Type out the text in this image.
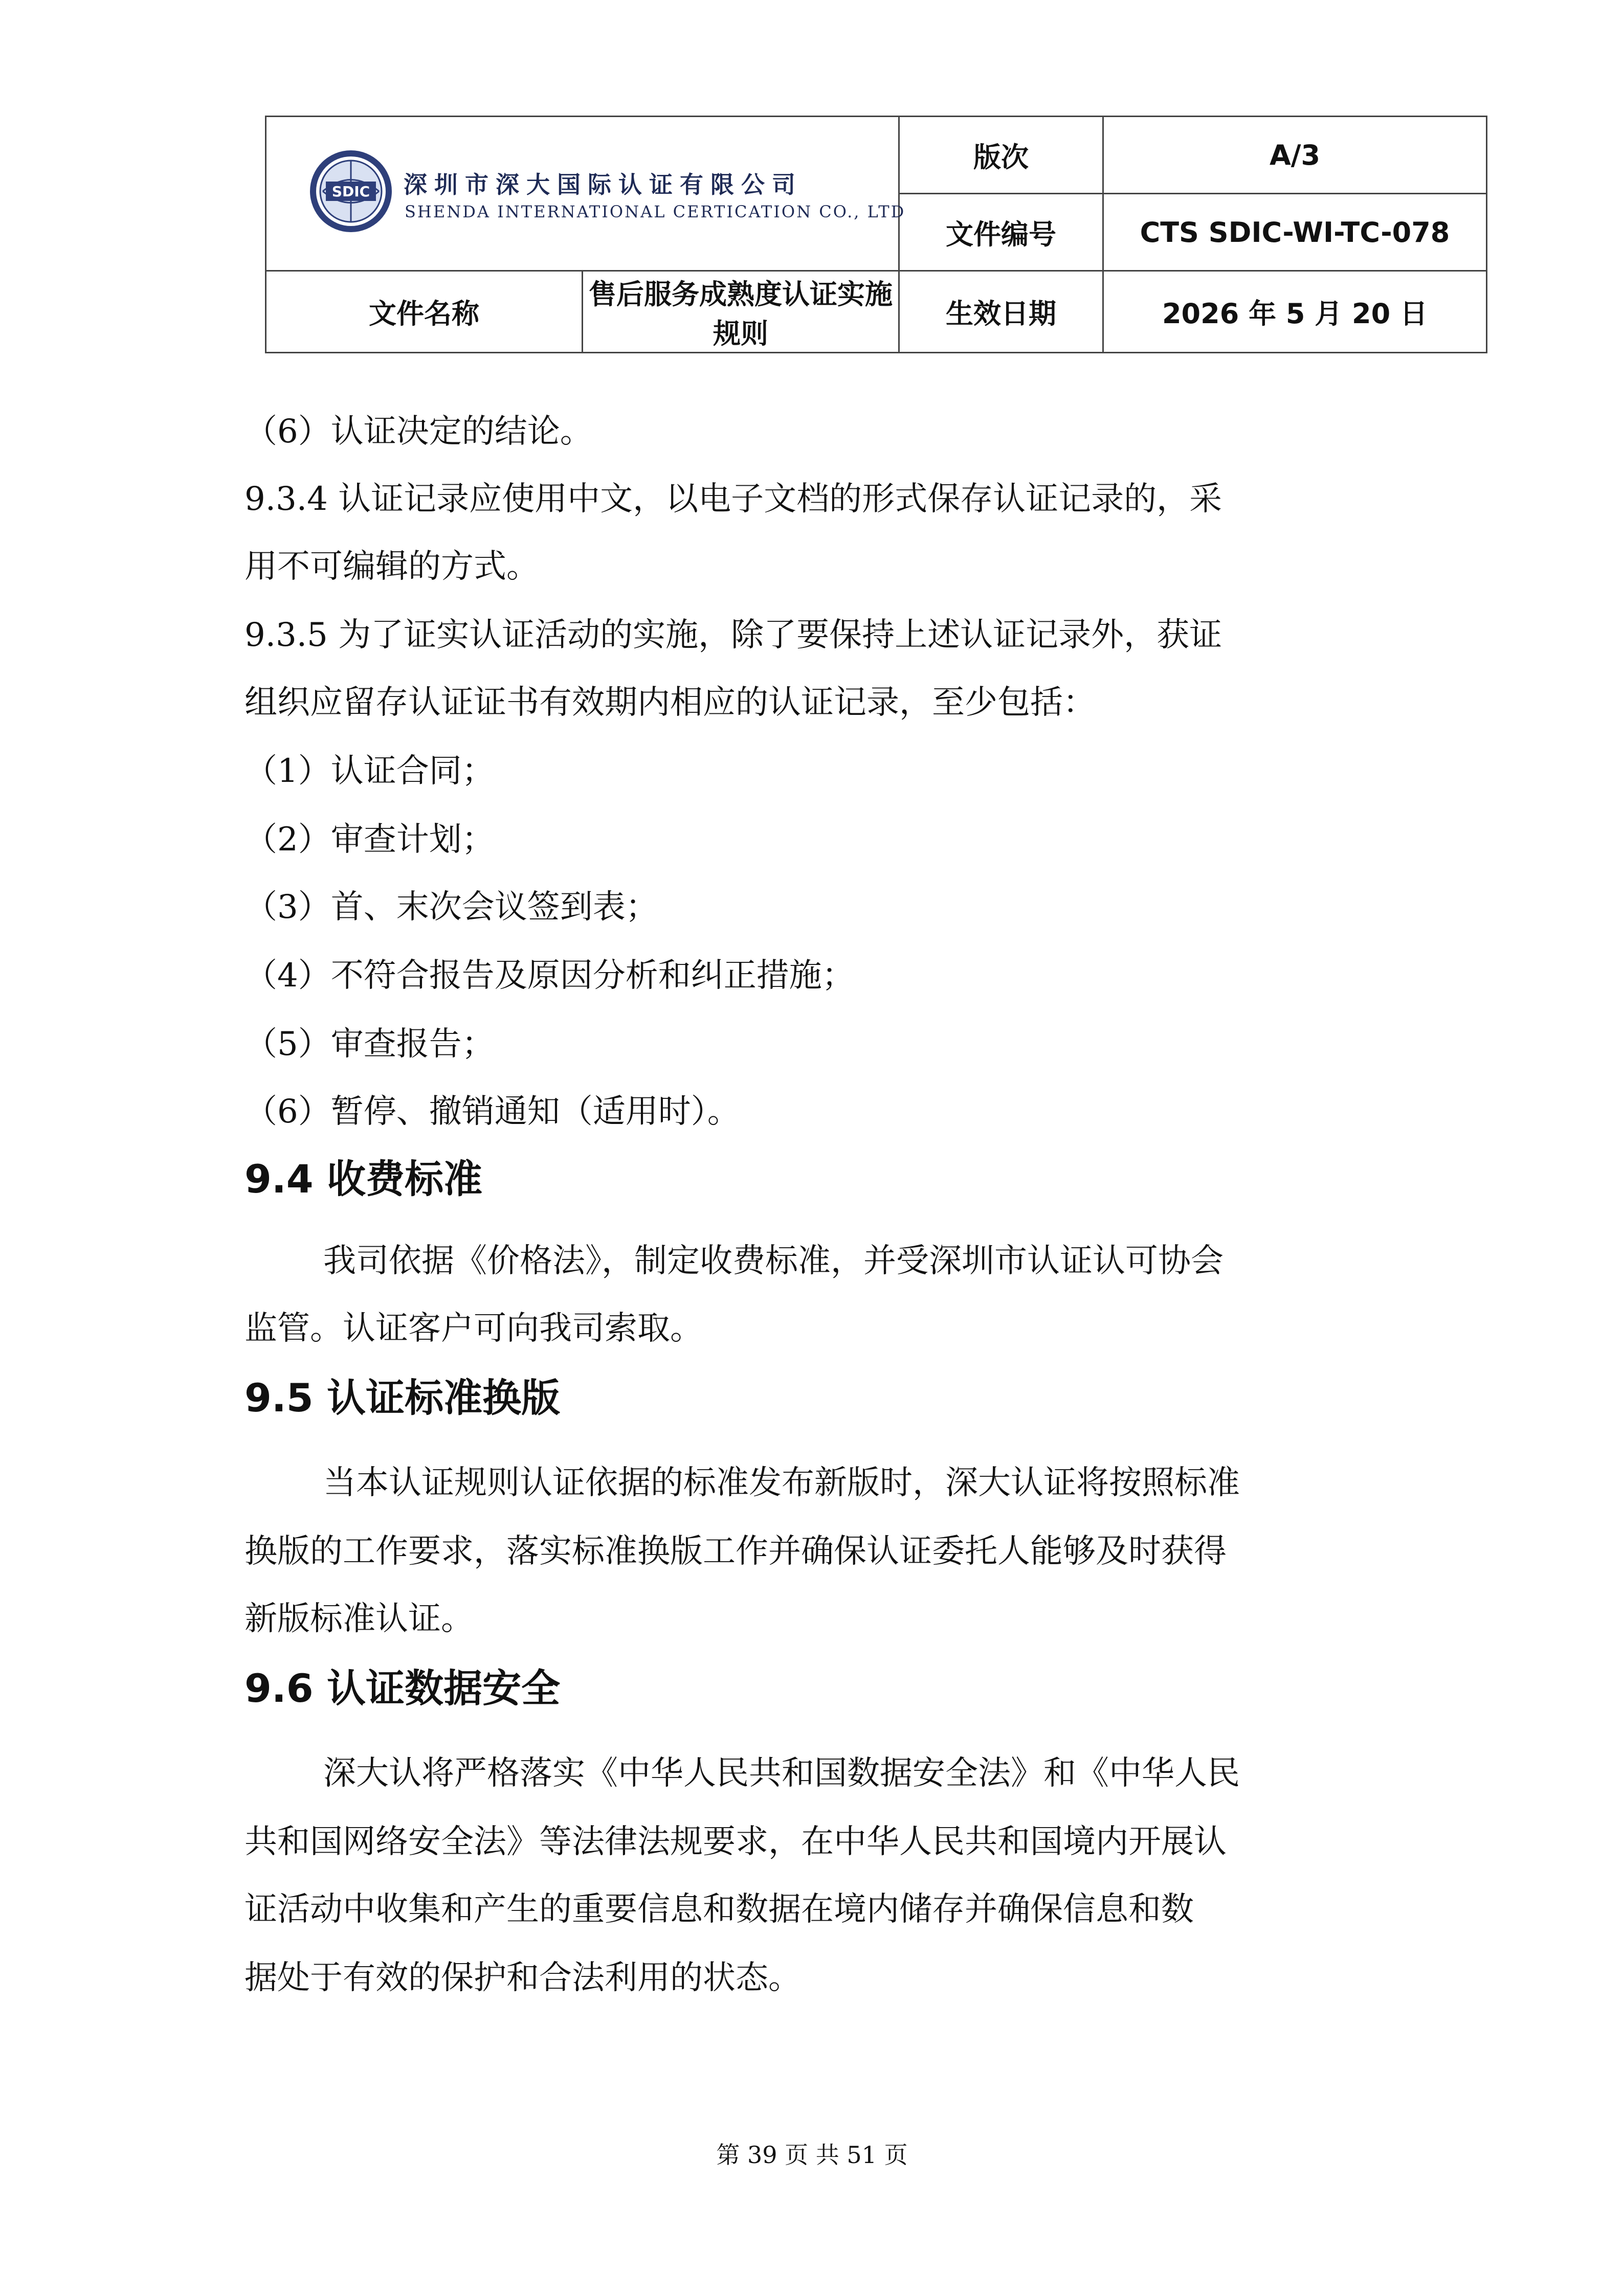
SDIC 深圳市深大国际认证有限公司
SHENDA INTERNATIONAL CERTICATION CO., LTD		版次	A/3
		文件编号	CTS SDIC-WI-TC-078
文件名称	售后服务成熟度认证实施规则	生效日期	2026 年 5 月 20 日
（6）认证决定的结论。
9.3.4 认证记录应使用中文，以电子文档的形式保存认证记录的，采
用不可编辑的方式。
9.3.5 为了证实认证活动的实施，除了要保持上述认证记录外，获证
组织应留存认证证书有效期内相应的认证记录，至少包括：
（1）认证合同；
（2）审查计划；
（3）首、末次会议签到表；
（4）不符合报告及原因分析和纠正措施；
（5）审查报告；
（6）暂停、撤销通知（适用时）。
9.4 收费标准
我司依据《价格法》，制定收费标准，并受深圳市认证认可协会
监管。认证客户可向我司索取。
9.5 认证标准换版
当本认证规则认证依据的标准发布新版时，深大认证将按照标准
换版的工作要求，落实标准换版工作并确保认证委托人能够及时获得
新版标准认证。
9.6 认证数据安全
深大认将严格落实《中华人民共和国数据安全法》和《中华人民
共和国网络安全法》等法律法规要求，在中华人民共和国境内开展认
证活动中收集和产生的重要信息和数据在境内储存并确保信息和数
据处于有效的保护和合法利用的状态。
第 39 页 共 51 页
